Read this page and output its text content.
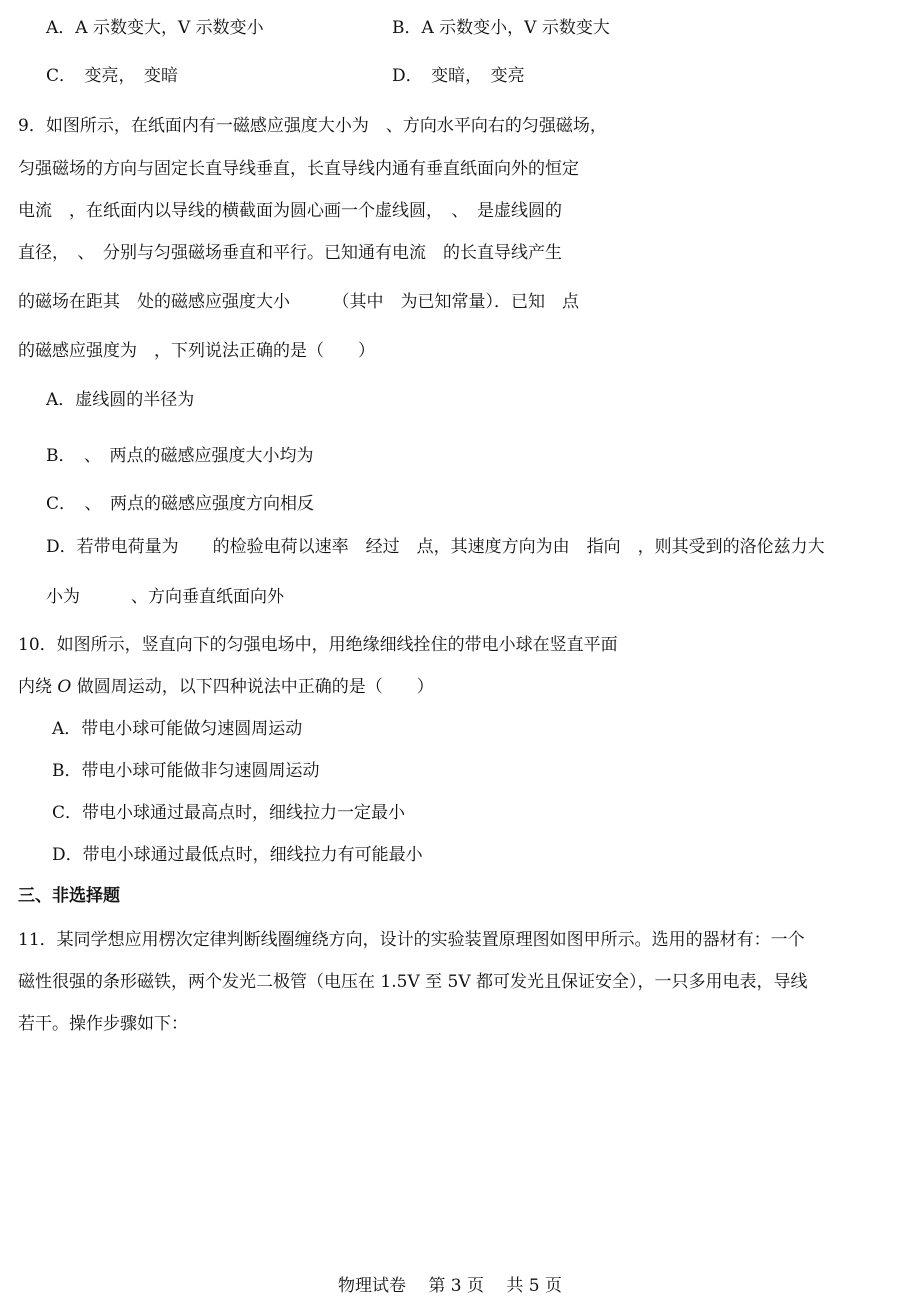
A．A 示数变大，V 示数变小	B．A 示数变小，V 示数变大
C．　变亮，　变暗	D．　变暗，　变亮
9．如图所示，在纸面内有一磁感应强度大小为　、方向水平向右的匀强磁场，
匀强磁场的方向与固定长直导线垂直，长直导线内通有垂直纸面向外的恒定
电流　，在纸面内以导线的横截面为圆心画一个虚线圆，　、　是虚线圆的
直径，　、　分别与匀强磁场垂直和平行。已知通有电流　的长直导线产生
的磁场在距其　处的磁感应强度大小　　　（其中　为已知常量）．已知　点
的磁感应强度为　，下列说法正确的是（　　）
A．虚线圆的半径为
B．　、　两点的磁感应强度大小均为
C．　、　两点的磁感应强度方向相反
D．若带电荷量为　　的检验电荷以速率　经过　点，其速度方向为由　指向　，则其受到的洛伦兹力大
小为　　　、方向垂直纸面向外
10．如图所示，竖直向下的匀强电场中，用绝缘细线拴住的带电小球在竖直平面
内绕 O 做圆周运动，以下四种说法中正确的是（　　）
A．带电小球可能做匀速圆周运动
B．带电小球可能做非匀速圆周运动
C．带电小球通过最高点时，细线拉力一定最小
D．带电小球通过最低点时，细线拉力有可能最小
三、非选择题
11．某同学想应用楞次定律判断线圈缠绕方向，设计的实验装置原理图如图甲所示。选用的器材有：一个
磁性很强的条形磁铁，两个发光二极管（电压在 1.5V 至 5V 都可发光且保证安全），一只多用电表，导线
若干。操作步骤如下：
物理试卷　 第 3 页　 共 5 页
